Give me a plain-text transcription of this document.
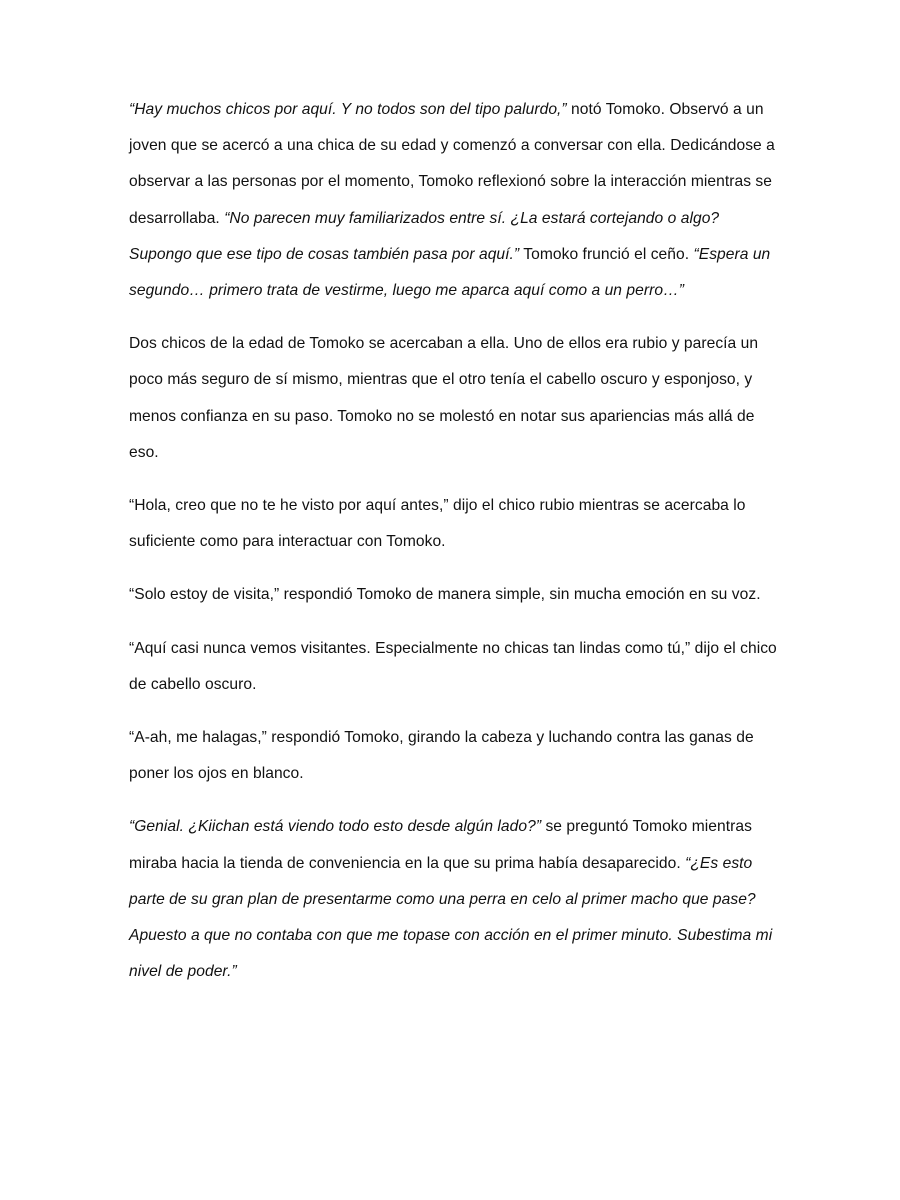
“Hay muchos chicos por aquí. Y no todos son del tipo palurdo,” notó Tomoko. Observó a un joven que se acercó a una chica de su edad y comenzó a conversar con ella. Dedicándose a observar a las personas por el momento, Tomoko reflexionó sobre la interacción mientras se desarrollaba. “No parecen muy familiarizados entre sí. ¿La estará cortejando o algo? Supongo que ese tipo de cosas también pasa por aquí.” Tomoko frunció el ceño. “Espera un segundo… primero trata de vestirme, luego me aparca aquí como a un perro…”

Dos chicos de la edad de Tomoko se acercaban a ella. Uno de ellos era rubio y parecía un poco más seguro de sí mismo, mientras que el otro tenía el cabello oscuro y esponjoso, y menos confianza en su paso. Tomoko no se molestó en notar sus apariencias más allá de eso.

“Hola, creo que no te he visto por aquí antes,” dijo el chico rubio mientras se acercaba lo suficiente como para interactuar con Tomoko.

“Solo estoy de visita,” respondió Tomoko de manera simple, sin mucha emoción en su voz.

“Aquí casi nunca vemos visitantes. Especialmente no chicas tan lindas como tú,” dijo el chico de cabello oscuro.

“A-ah, me halagas,” respondió Tomoko, girando la cabeza y luchando contra las ganas de poner los ojos en blanco.

“Genial. ¿Kiichan está viendo todo esto desde algún lado?” se preguntó Tomoko mientras miraba hacia la tienda de conveniencia en la que su prima había desaparecido. “¿Es esto parte de su gran plan de presentarme como una perra en celo al primer macho que pase? Apuesto a que no contaba con que me topase con acción en el primer minuto. Subestima mi nivel de poder.”
